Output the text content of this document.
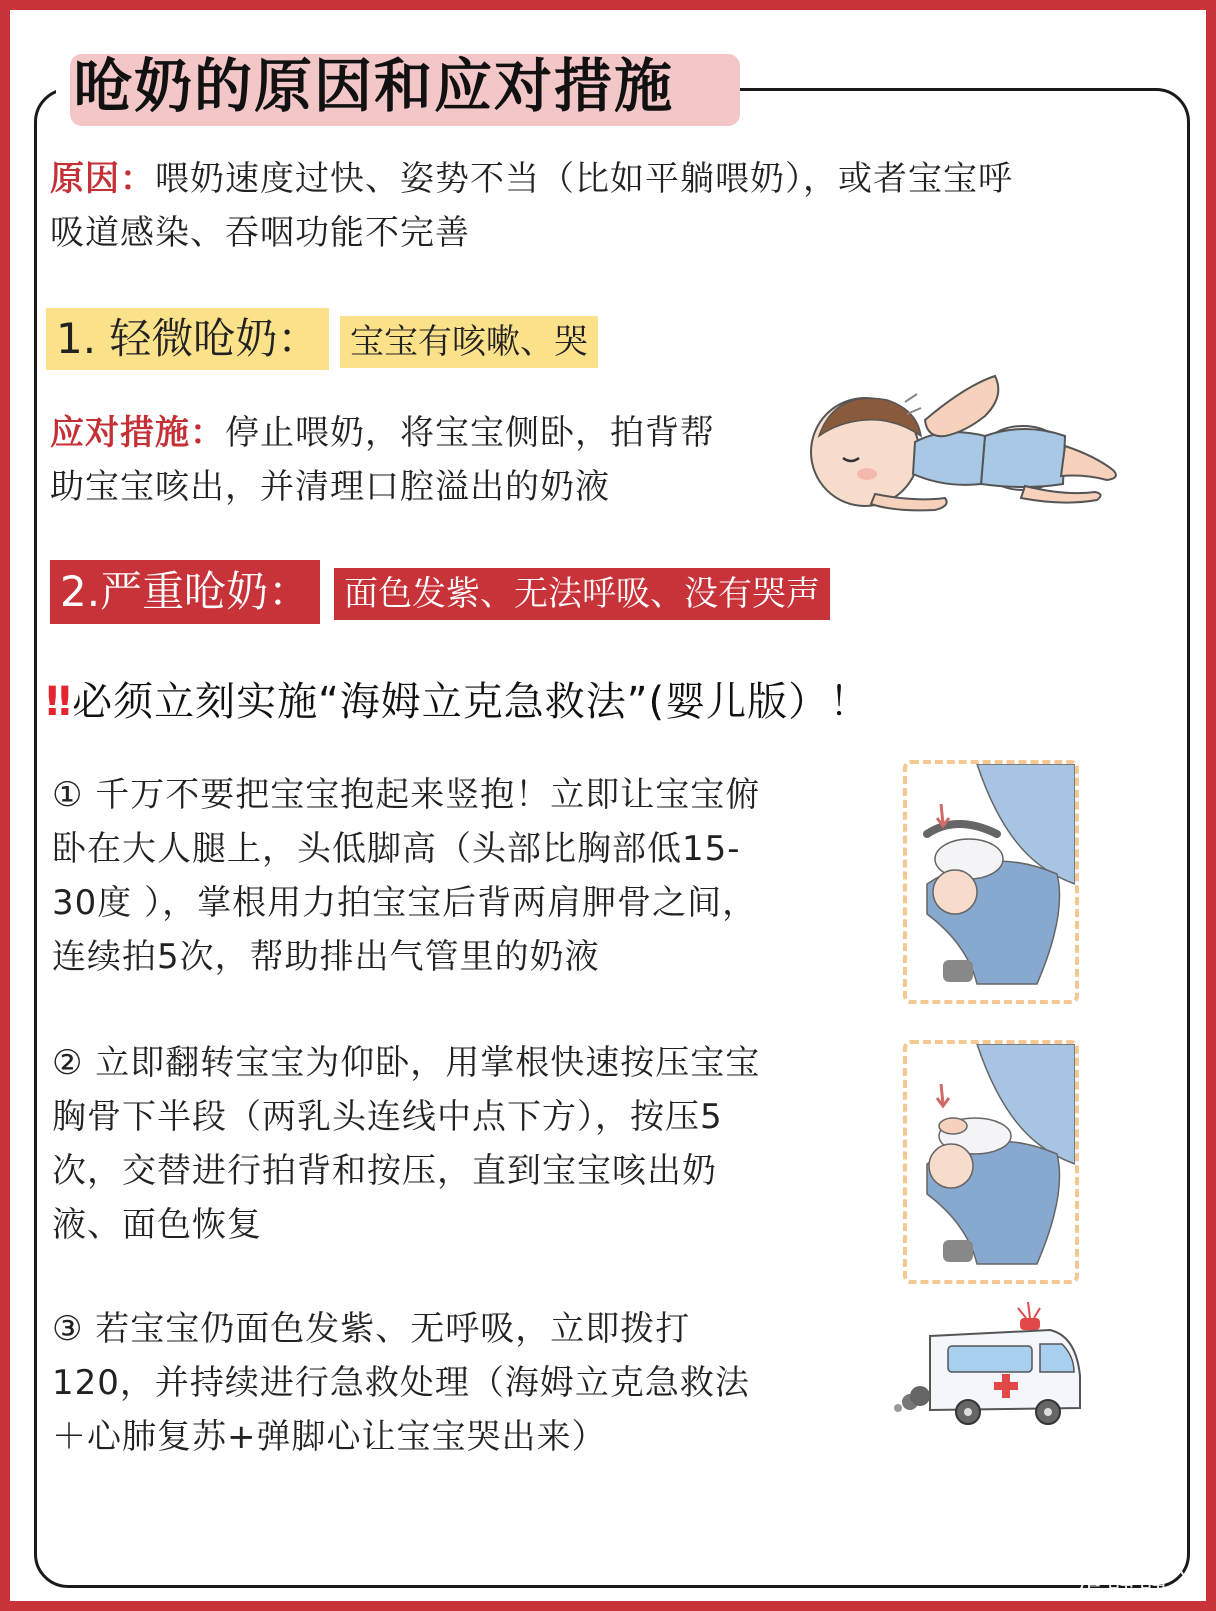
呛奶的原因和应对措施
原因：喂奶速度过快、姿势不当（比如平躺喂奶），或者宝宝呼
吸道感染、吞咽功能不完善
1. 轻微呛奶： 宝宝有咳嗽、哭
应对措施：停止喂奶，将宝宝侧卧，拍背帮
助宝宝咳出，并清理口腔溢出的奶液
2.严重呛奶： 面色发紫、无法呼吸、没有哭声
‼必须立刻实施“海姆立克急救法”(婴儿版）！
① 千万不要把宝宝抱起来竖抱！立即让宝宝俯
卧在大人腿上，头低脚高（头部比胸部低15-
30度 ），掌根用力拍宝宝后背两肩胛骨之间，
连续拍5次，帮助排出气管里的奶液
② 立即翻转宝宝为仰卧，用掌根快速按压宝宝
胸骨下半段（两乳头连线中点下方），按压5
次，交替进行拍背和按压，直到宝宝咳出奶
液、面色恢复
③ 若宝宝仍面色发紫、无呼吸，立即拨打
120，并持续进行急救处理（海姆立克急救法
＋心肺复苏+弹脚心让宝宝哭出来）
是静静丫
